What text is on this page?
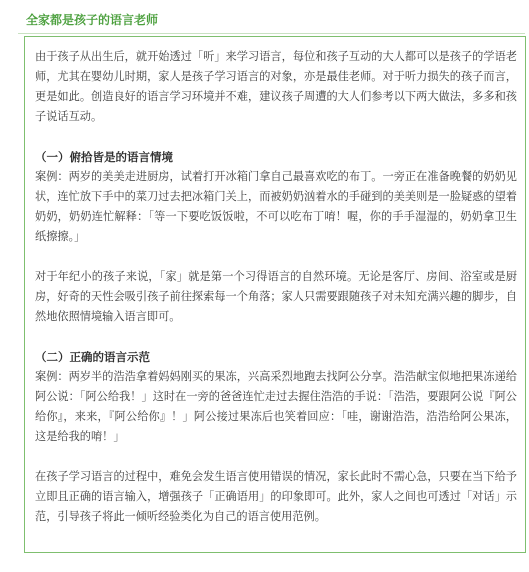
全家都是孩子的语言老师

由于孩子从出生后，就开始透过「听」来学习语言，每位和孩子互动的大人都可以是孩子的学语老师，尤其在婴幼儿时期，家人是孩子学习语言的对象，亦是最佳老师。对于听力损失的孩子而言，更是如此。创造良好的语言学习环境并不难，建议孩子周遭的大人们参考以下两大做法，多多和孩子说话互动。

（一）俯拾皆是的语言情境

案例：两岁的美美走进厨房，试着打开冰箱门拿自己最喜欢吃的布丁。一旁正在准备晚餐的奶奶见状，连忙放下手中的菜刀过去把冰箱门关上，而被奶奶汹着水的手碰到的美美则是一脸疑惑的望着奶奶，奶奶连忙解释：「等一下要吃饭饭啦，不可以吃布丁唷！喔，你的手手湿湿的，奶奶拿卫生纸擦擦。」

对于年纪小的孩子来说，「家」就是第一个习得语言的自然环境。无论是客厅、房间、浴室或是厨房，好奇的天性会吸引孩子前往探索每一个角落；家人只需要跟随孩子对未知充满兴趣的脚步，自然地依照情境输入语言即可。

（二）正确的语言示范

案例：两岁半的浩浩拿着妈妈刚买的果冻，兴高采烈地跑去找阿公分享。浩浩献宝似地把果冻递给阿公说：「阿公给我！」这时在一旁的爸爸连忙走过去握住浩浩的手说：「浩浩，要跟阿公说『阿公给你』，来来，『阿公给你』！」阿公接过果冻后也笑着回应：「哇，谢谢浩浩，浩浩给阿公果冻，这是给我的唷！」

在孩子学习语言的过程中，难免会发生语言使用错误的情况，家长此时不需心急，只要在当下给予立即且正确的语言输入，增强孩子「正确语用」的印象即可。此外，家人之间也可透过「对话」示范，引导孩子将此一倾听经验类化为自己的语言使用范例。
